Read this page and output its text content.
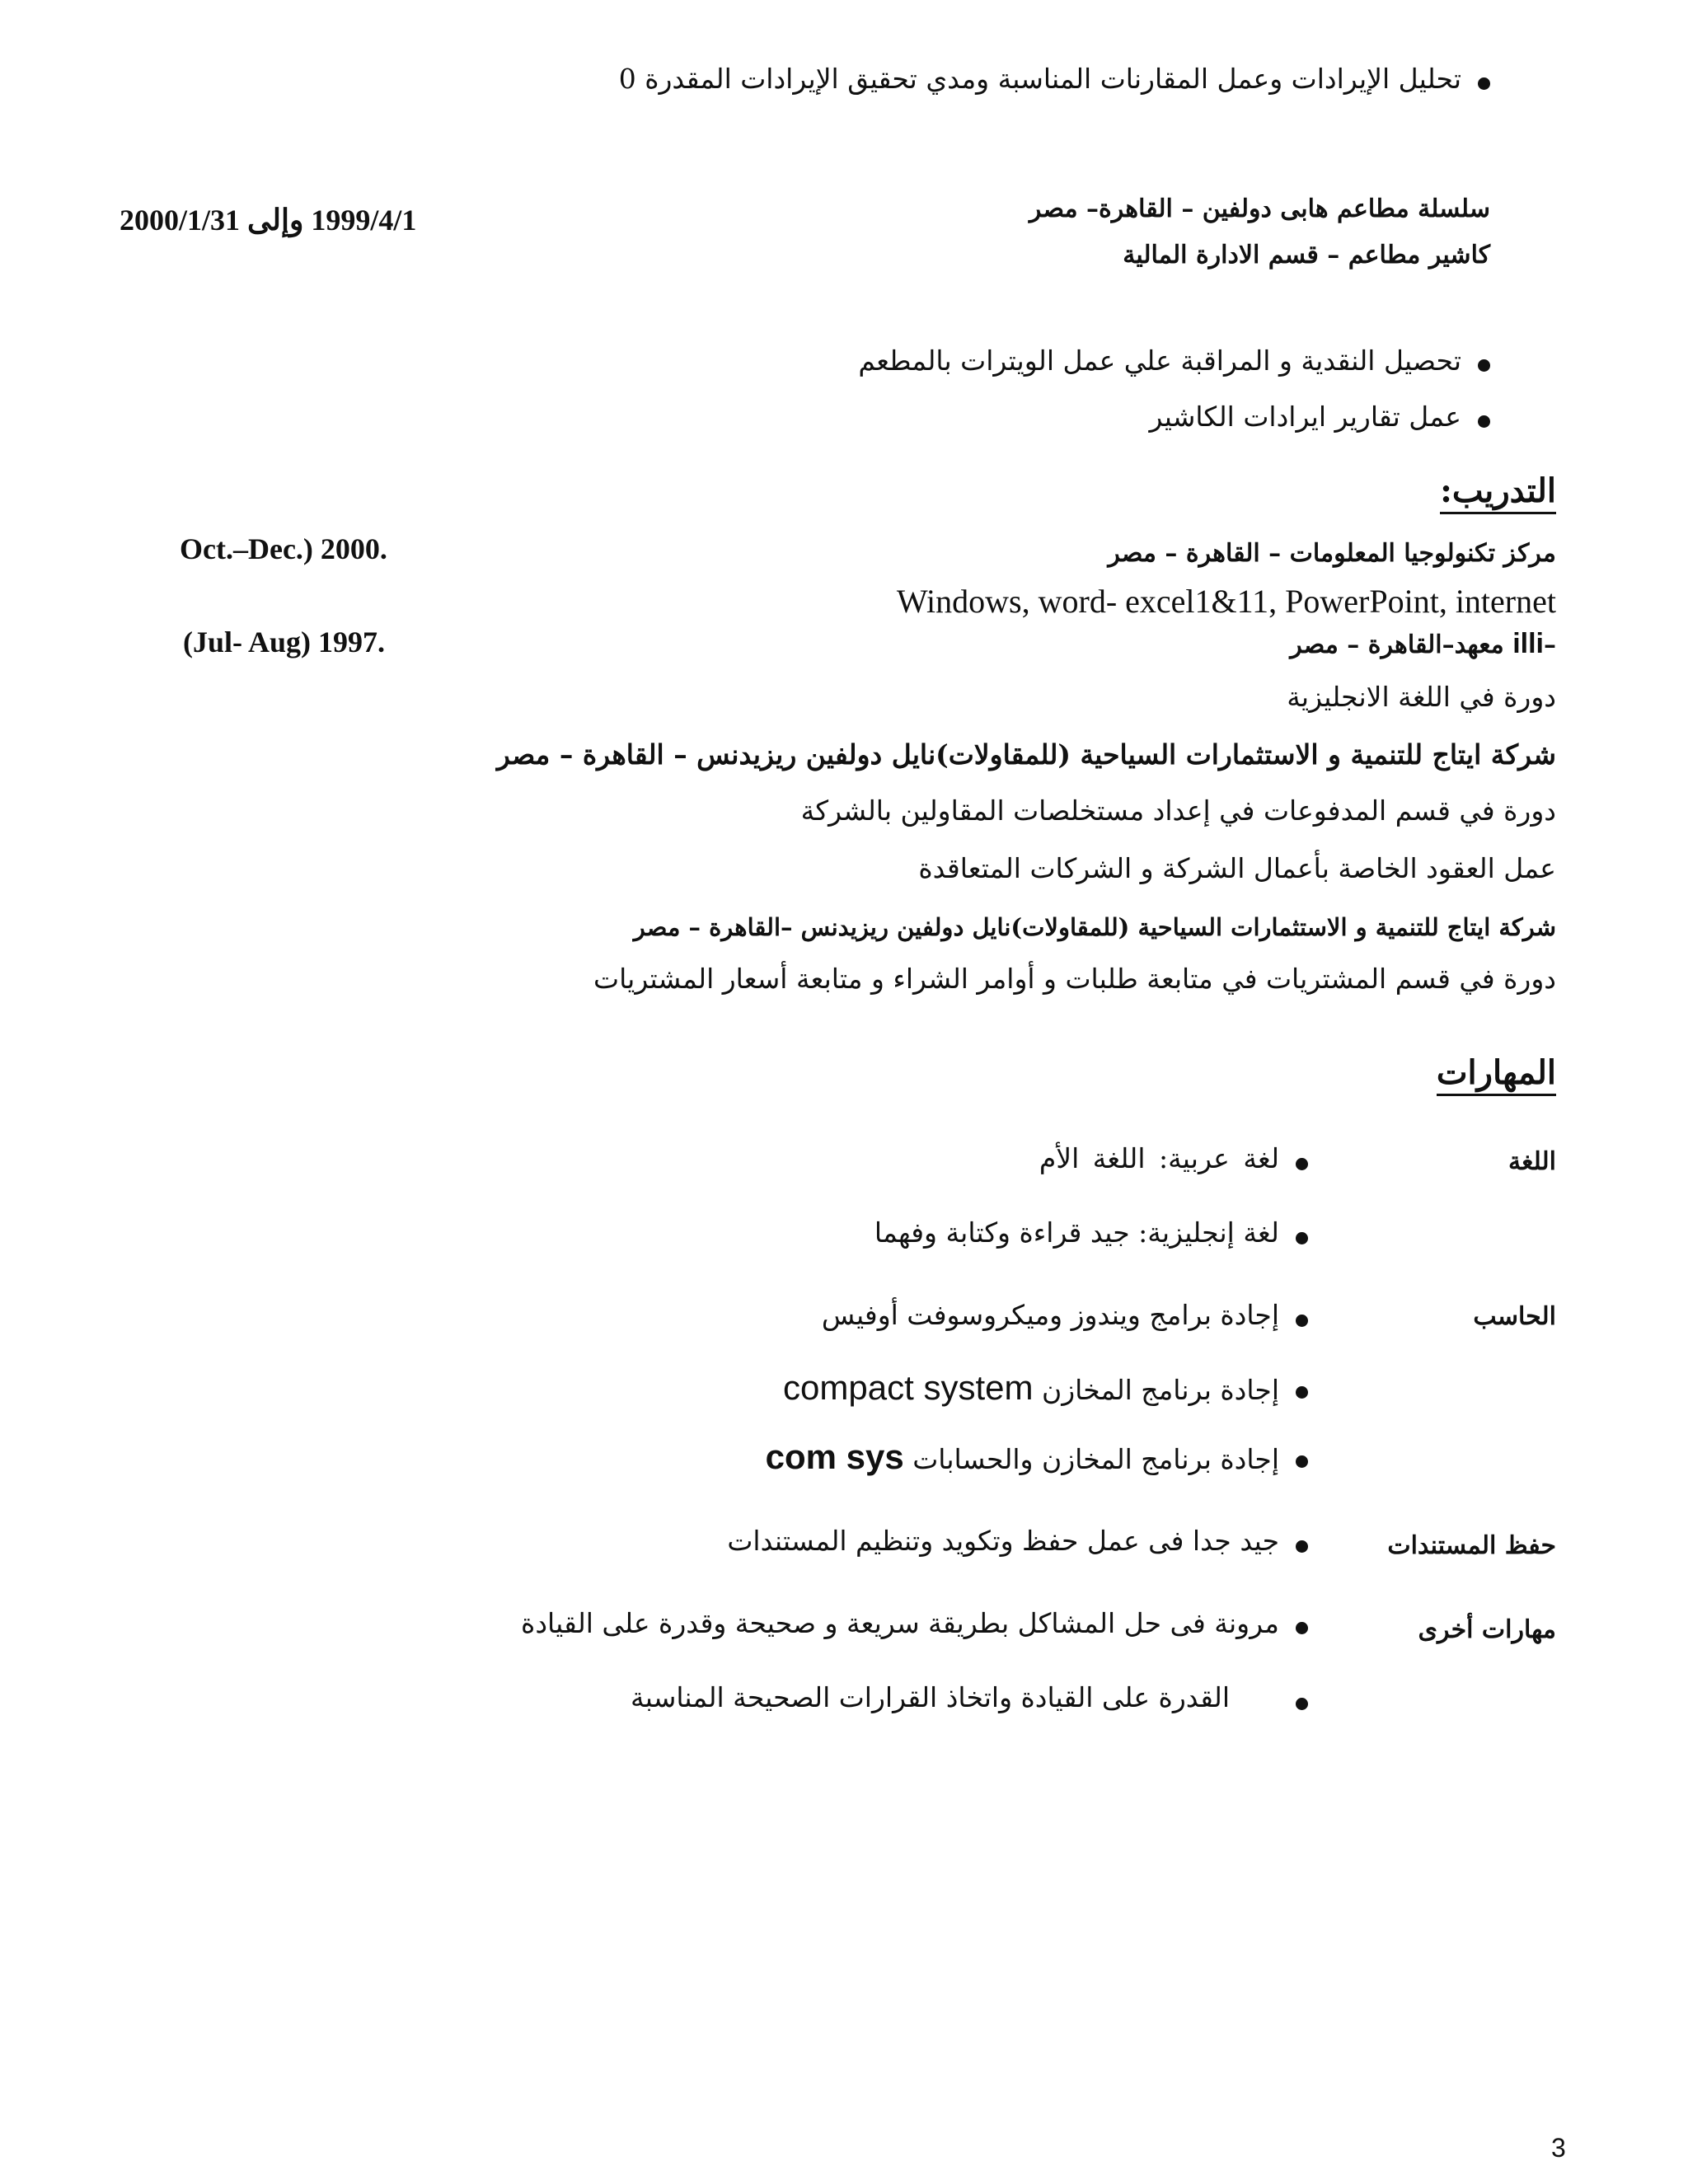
تحليل الإيرادات وعمل المقارنات المناسبة ومدي تحقيق الإيرادات المقدرة 0
سلسلة مطاعم هابى دولفين – القاهرة– مصر
1999/4/1 وإلى 2000/1/31
كاشير مطاعم – قسم الادارة المالية
تحصيل النقدية و المراقبة علي عمل الويترات بالمطعم
عمل تقارير ايرادات الكاشير
التدريب:
مركز تكنولوجيا المعلومات – القاهرة – مصر
Oct.–Dec.) 2000.
Windows, word- excel1&11, PowerPoint, internet
–illi معهد–القاهرة – مصر
(Jul- Aug) 1997.
دورة في اللغة الانجليزية
شركة ايتاج للتنمية و الاستثمارات السياحية (للمقاولات)نايل دولفين ريزيدنس – القاهرة – مصر
دورة في قسم المدفوعات في إعداد مستخلصات المقاولين بالشركة
عمل العقود الخاصة بأعمال الشركة و الشركات المتعاقدة
شركة ايتاج للتنمية و الاستثمارات السياحية (للمقاولات)نايل دولفين ريزيدنس –القاهرة – مصر
دورة في قسم المشتريات في متابعة طلبات و أوامر الشراء و متابعة أسعار المشتريات
المهارات
اللغة
لغة عربية: اللغة الأم
لغة إنجليزية: جيد قراءة وكتابة وفهما
الحاسب
إجادة برامج ويندوز وميكروسوفت أوفيس
إجادة برنامج المخازن compact system
إجادة برنامج المخازن والحسابات com sys
حفظ المستندات
جيد جدا فى عمل حفظ وتكويد وتنظيم المستندات
مهارات أخرى
مرونة فى حل المشاكل بطريقة سريعة و صحيحة وقدرة على القيادة
القدرة على القيادة واتخاذ القرارات الصحيحة المناسبة
3
